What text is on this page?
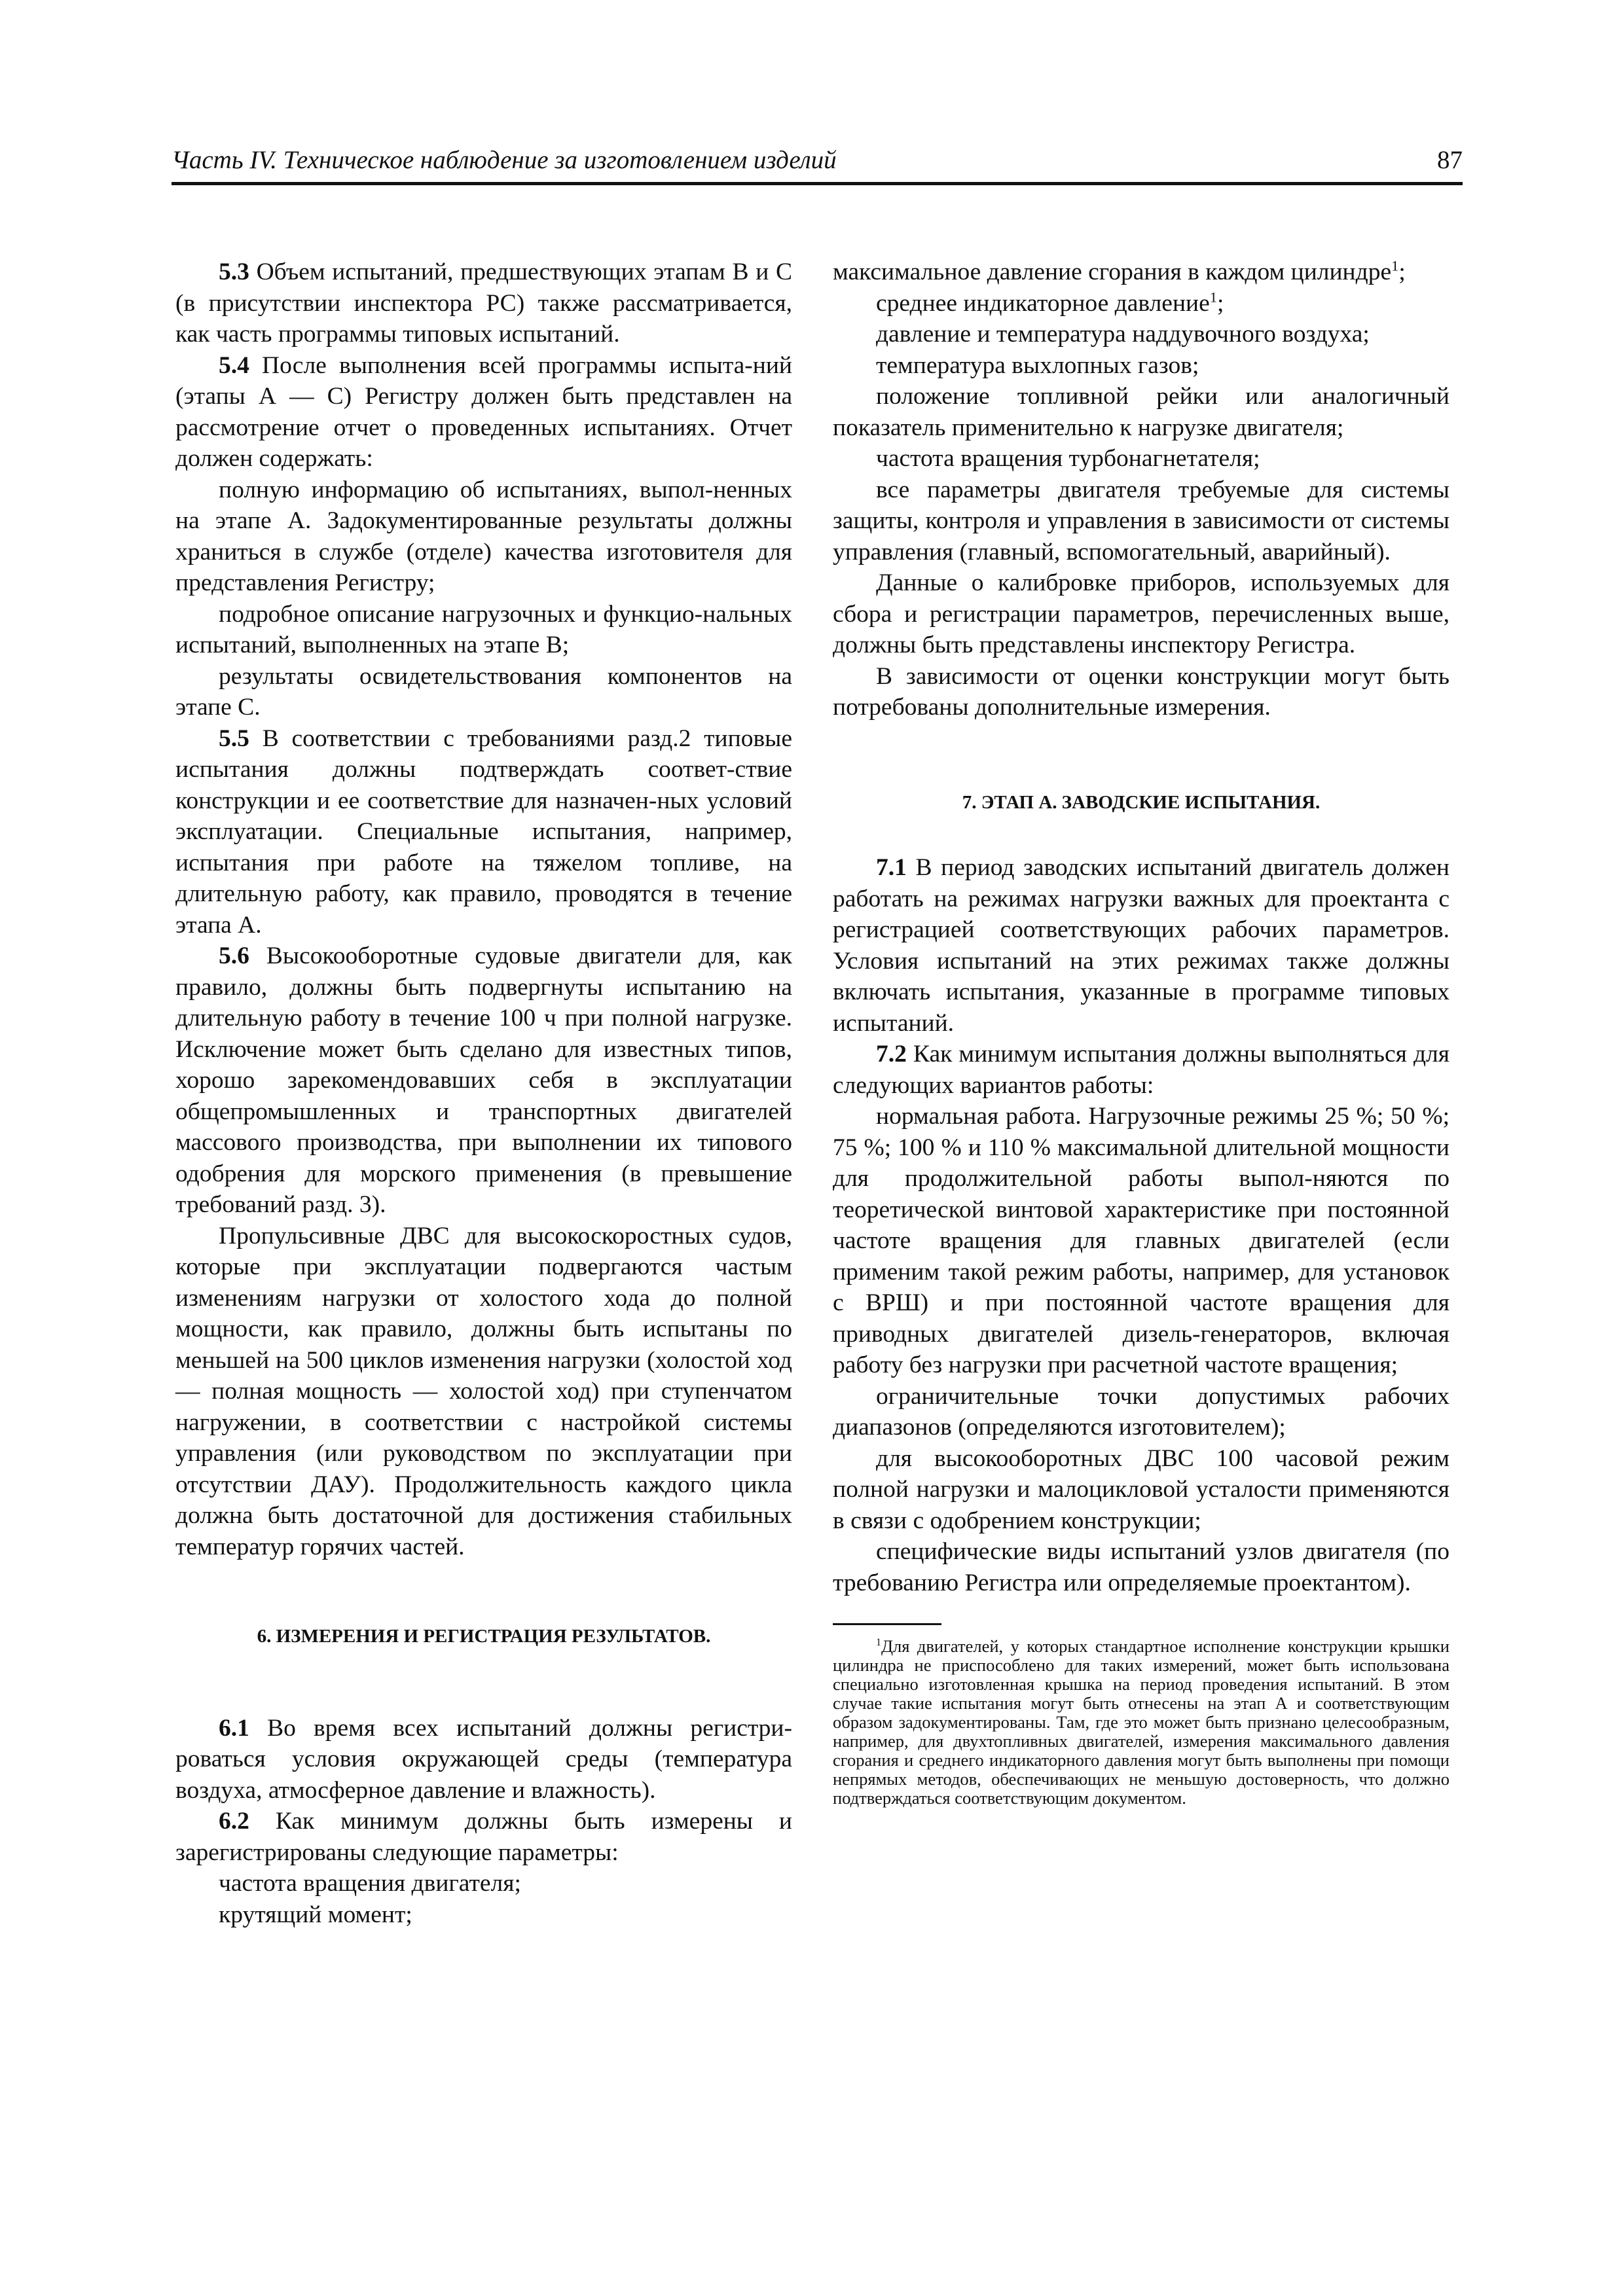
Часть IV. Техническое наблюдение за изготовлением изделий	87

5.3 Объем испытаний, предшествующих этапам В и С (в присутствии инспектора РС) также рассматривается, как часть программы типовых испытаний.

5.4 После выполнения всей программы испыта-ний (этапы А — С) Регистру должен быть представлен на рассмотрение отчет о проведенных испытаниях. Отчет должен содержать:

полную информацию об испытаниях, выпол-ненных на этапе А. Задокументированные результаты должны храниться в службе (отделе) качества изготовителя для представления Регистру;

подробное описание нагрузочных и функцио-нальных испытаний, выполненных на этапе В;

результаты освидетельствования компонентов на этапе С.

5.5 В соответствии с требованиями разд.2 типовые испытания должны подтверждать соответ-ствие конструкции и ее соответствие для назначен-ных условий эксплуатации. Специальные испытания, например, испытания при работе на тяжелом топливе, на длительную работу, как правило, проводятся в течение этапа А.

5.6 Высокооборотные судовые двигатели для, как правило, должны быть подвергнуты испытанию на длительную работу в течение 100 ч при полной нагрузке. Исключение может быть сделано для известных типов, хорошо зарекомендовавших себя в эксплуатации общепромышленных и транспортных двигателей массового производства, при выполнении их типового одобрения для морского применения (в превышение требований разд. 3).

Пропульсивные ДВС для высокоскоростных судов, которые при эксплуатации подвергаются частым изменениям нагрузки от холостого хода до полной мощности, как правило, должны быть испытаны по меньшей на 500 циклов изменения нагрузки (холостой ход — полная мощность — холостой ход) при ступенчатом нагружении, в соответствии с настройкой системы управления (или руководством по эксплуатации при отсутствии ДАУ). Продолжительность каждого цикла должна быть достаточной для достижения стабильных температур горячих частей.

6. ИЗМЕРЕНИЯ И РЕГИСТРАЦИЯ РЕЗУЛЬТАТОВ.

6.1 Во время всех испытаний должны регистри-роваться условия окружающей среды (температура воздуха, атмосферное давление и влажность).

6.2 Как минимум должны быть измерены и зарегистрированы следующие параметры:

частота вращения двигателя;

крутящий момент;

максимальное давление сгорания в каждом цилиндре$^1$;

среднее индикаторное давление$^1$;

давление и температура наддувочного воздуха;

температура выхлопных газов;

положение топливной рейки или аналогичный показатель применительно к нагрузке двигателя;

частота вращения турбонагнетателя;

все параметры двигателя требуемые для системы защиты, контроля и управления в зависимости от системы управления (главный, вспомогательный, аварийный).

Данные о калибровке приборов, используемых для сбора и регистрации параметров, перечисленных выше, должны быть представлены инспектору Регистра.

В зависимости от оценки конструкции могут быть потребованы дополнительные измерения.

7. ЭТАП А. ЗАВОДСКИЕ ИСПЫТАНИЯ.

7.1 В период заводских испытаний двигатель должен работать на режимах нагрузки важных для проектанта с регистрацией соответствующих рабочих параметров. Условия испытаний на этих режимах также должны включать испытания, указанные в программе типовых испытаний.

7.2 Как минимум испытания должны выполняться для следующих вариантов работы:

нормальная работа. Нагрузочные режимы 25 %; 50 %; 75 %; 100 % и 110 % максимальной длительной мощности для продолжительной работы выпол-няются по теоретической винтовой характеристике при постоянной частоте вращения для главных двигателей (если применим такой режим работы, например, для установок с ВРШ) и при постоянной частоте вращения для приводных двигателей дизель-генераторов, включая работу без нагрузки при расчетной частоте вращения;

ограничительные точки допустимых рабочих диапазонов (определяются изготовителем);

для высокооборотных ДВС 100 часовой режим полной нагрузки и малоцикловой усталости применяются в связи с одобрением конструкции;

специфические виды испытаний узлов двигателя (по требованию Регистра или определяемые проектантом).

$^1$Для двигателей, у которых стандартное исполнение конструкции крышки цилиндра не приспособлено для таких измерений, может быть использована специально изготовленная крышка на период проведения испытаний. В этом случае такие испытания могут быть отнесены на этап А и соответствующим образом задокументированы. Там, где это может быть признано целесообразным, например, для двухтопливных двигателей, измерения максимального давления сгорания и среднего индикаторного давления могут быть выполнены при помощи непрямых методов, обеспечивающих не меньшую достоверность, что должно подтверждаться соответствующим документом.
